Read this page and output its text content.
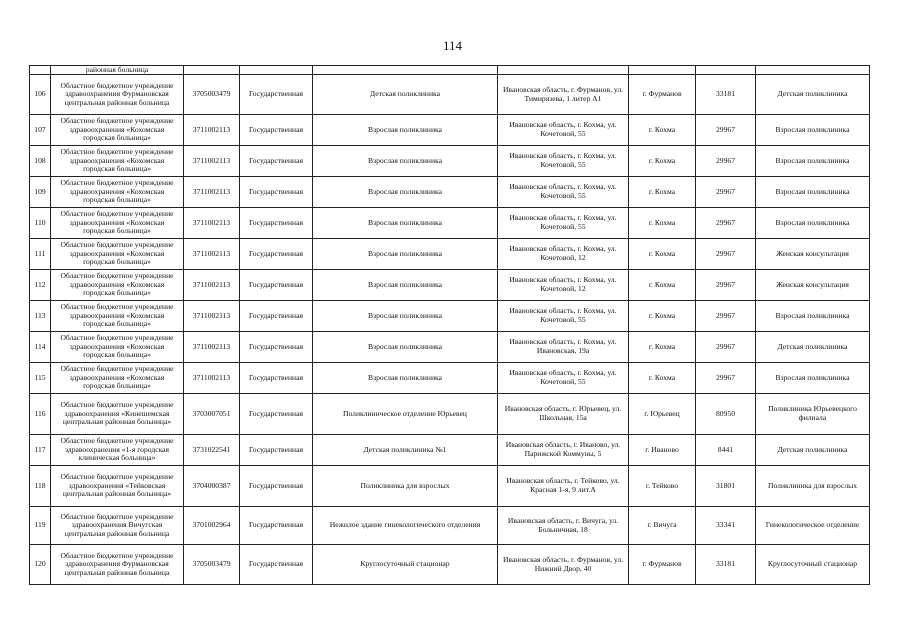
114
	районная больница							
106	Областное бюджетное учреждение здравоохранения Фурмановская центральная районная больница	3705003479	Государственная	Детская поликлиника	Ивановская область, г. Фурманов, ул. Тимирязева, 1 литер А1	г. Фурманов	33181	Детская поликлиника
107	Областное бюджетное учреждение здравоохранения «Кохомская городская больница»	3711002113	Государственная	Взрослая поликлиника	Ивановская область, г. Кохма, ул. Кочетовой, 55	г. Кохма	29967	Взрослая поликлиника
108	Областное бюджетное учреждение здравоохранения «Кохомская городская больница»	3711002113	Государственная	Взрослая поликлиника	Ивановская область, г. Кохма, ул. Кочетовой, 55	г. Кохма	29967	Взрослая поликлиника
109	Областное бюджетное учреждение здравоохранения «Кохомская городская больница»	3711002113	Государственная	Взрослая поликлиника	Ивановская область, г. Кохма, ул. Кочетовой, 55	г. Кохма	29967	Взрослая поликлиника
110	Областное бюджетное учреждение здравоохранения «Кохомская городская больница»	3711002113	Государственная	Взрослая поликлиника	Ивановская область, г. Кохма, ул. Кочетовой, 55	г. Кохма	29967	Взрослая поликлиника
111	Областное бюджетное учреждение здравоохранения «Кохомская городская больница»	3711002113	Государственная	Взрослая поликлиника	Ивановская область, г. Кохма, ул. Кочетовой, 12	г. Кохма	29967	Женская консультация
112	Областное бюджетное учреждение здравоохранения «Кохомская городская больница»	3711002113	Государственная	Взрослая поликлиника	Ивановская область, г. Кохма, ул. Кочетовой, 12	г. Кохма	29967	Женская консультация
113	Областное бюджетное учреждение здравоохранения «Кохомская городская больница»	3711002113	Государственная	Взрослая поликлиника	Ивановская область, г. Кохма, ул. Кочетовой, 55	г. Кохма	29967	Взрослая поликлиника
114	Областное бюджетное учреждение здравоохранения «Кохомская городская больница»	3711002113	Государственная	Взрослая поликлиника	Ивановская область, г. Кохма, ул. Ивановская, 19а	г. Кохма	29967	Детская поликлиника
115	Областное бюджетное учреждение здравоохранения «Кохомская городская больница»	3711002113	Государственная	Взрослая поликлиника	Ивановская область, г. Кохма, ул. Кочетовой, 55	г. Кохма	29967	Взрослая поликлиника
116	Областное бюджетное учреждение здравоохранения «Кинешемская центральная районная больница»	3703007051	Государственная	Поликлиническое отделение Юрьевец	Ивановская область, г. Юрьевец, ул. Школьная, 15а	г. Юрьевец	80950	Поликлиника Юрьевецкого филиала
117	Областное бюджетное учреждение здравоохранения «1-я городская клиническая больница»	3731022541	Государственная	Детская поликлиника №1	Ивановская область, г. Иваново, ул. Парижской Коммуны, 5	г. Иваново	8441	Детская поликлиника
118	Областное бюджетное учреждение здравоохранения «Тейковская центральная районная больница»	3704000387	Государственная	Поликлиника для взрослых	Ивановская область, г. Тейково, ул. Красная 1-я, 9 лит.А	г. Тейково	31801	Поликлиника для взрослых
119	Областное бюджетное учреждение здравоохранения Вичугская центральная районная больница	3701002964	Государственная	Нежилое здание гинекологического отделения	Ивановская область, г. Вичуга, ул. Больничная, 18	г. Вичуга	33341	Гинекологическое отделение
120	Областное бюджетное учреждение здравоохранения Фурмановская центральная районная больница	3705003479	Государственная	Круглосуточный стационар	Ивановская область, г. Фурманов, ул. Нижний Двор, 40	г. Фурманов	33181	Круглосуточный стационар
